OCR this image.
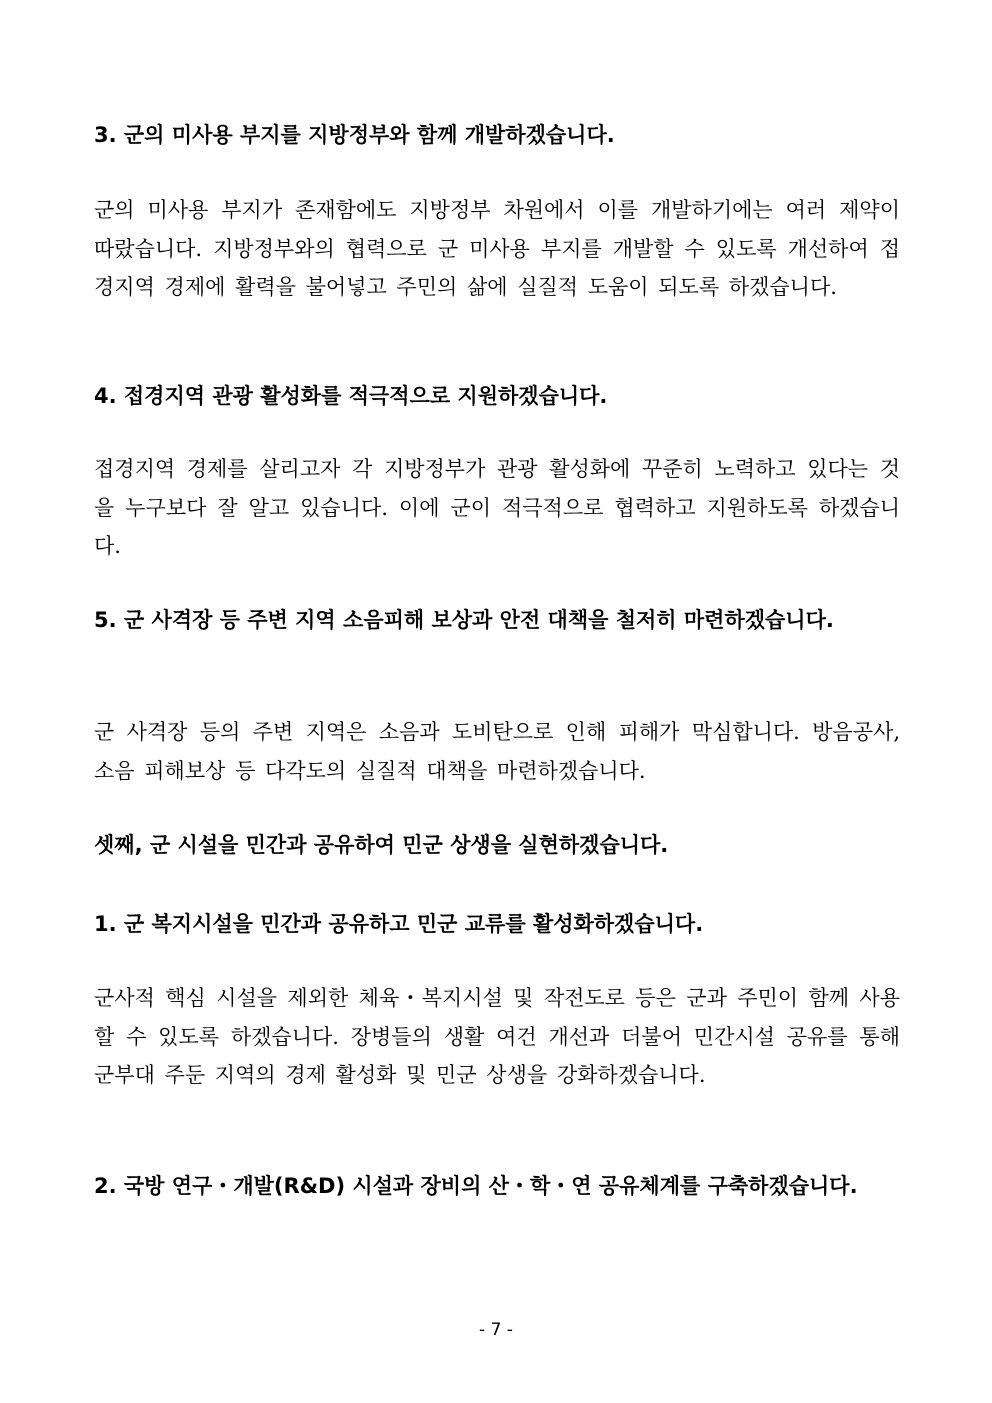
3. 군의 미사용 부지를 지방정부와 함께 개발하겠습니다.

군의 미사용 부지가 존재함에도 지방정부 차원에서 이를 개발하기에는 여러 제약이 따랐습니다. 지방정부와의 협력으로 군 미사용 부지를 개발할 수 있도록 개선하여 접경지역 경제에 활력을 불어넣고 주민의 삶에 실질적 도움이 되도록 하겠습니다.

4. 접경지역 관광 활성화를 적극적으로 지원하겠습니다.

접경지역 경제를 살리고자 각 지방정부가 관광 활성화에 꾸준히 노력하고 있다는 것을 누구보다 잘 알고 있습니다. 이에 군이 적극적으로 협력하고 지원하도록 하겠습니다.

5. 군 사격장 등 주변 지역 소음피해 보상과 안전 대책을 철저히 마련하겠습니다.

군 사격장 등의 주변 지역은 소음과 도비탄으로 인해 피해가 막심합니다. 방음공사, 소음 피해보상 등 다각도의 실질적 대책을 마련하겠습니다.

셋째, 군 시설을 민간과 공유하여 민군 상생을 실현하겠습니다.
1. 군 복지시설을 민간과 공유하고 민군 교류를 활성화하겠습니다.

군사적 핵심 시설을 제외한 체육・복지시설 및 작전도로 등은 군과 주민이 함께 사용할 수 있도록 하겠습니다. 장병들의 생활 여건 개선과 더불어 민간시설 공유를 통해 군부대 주둔 지역의 경제 활성화 및 민군 상생을 강화하겠습니다.

2. 국방 연구・개발(R&D) 시설과 장비의 산・학・연 공유체계를 구축하겠습니다.
- 7 -
